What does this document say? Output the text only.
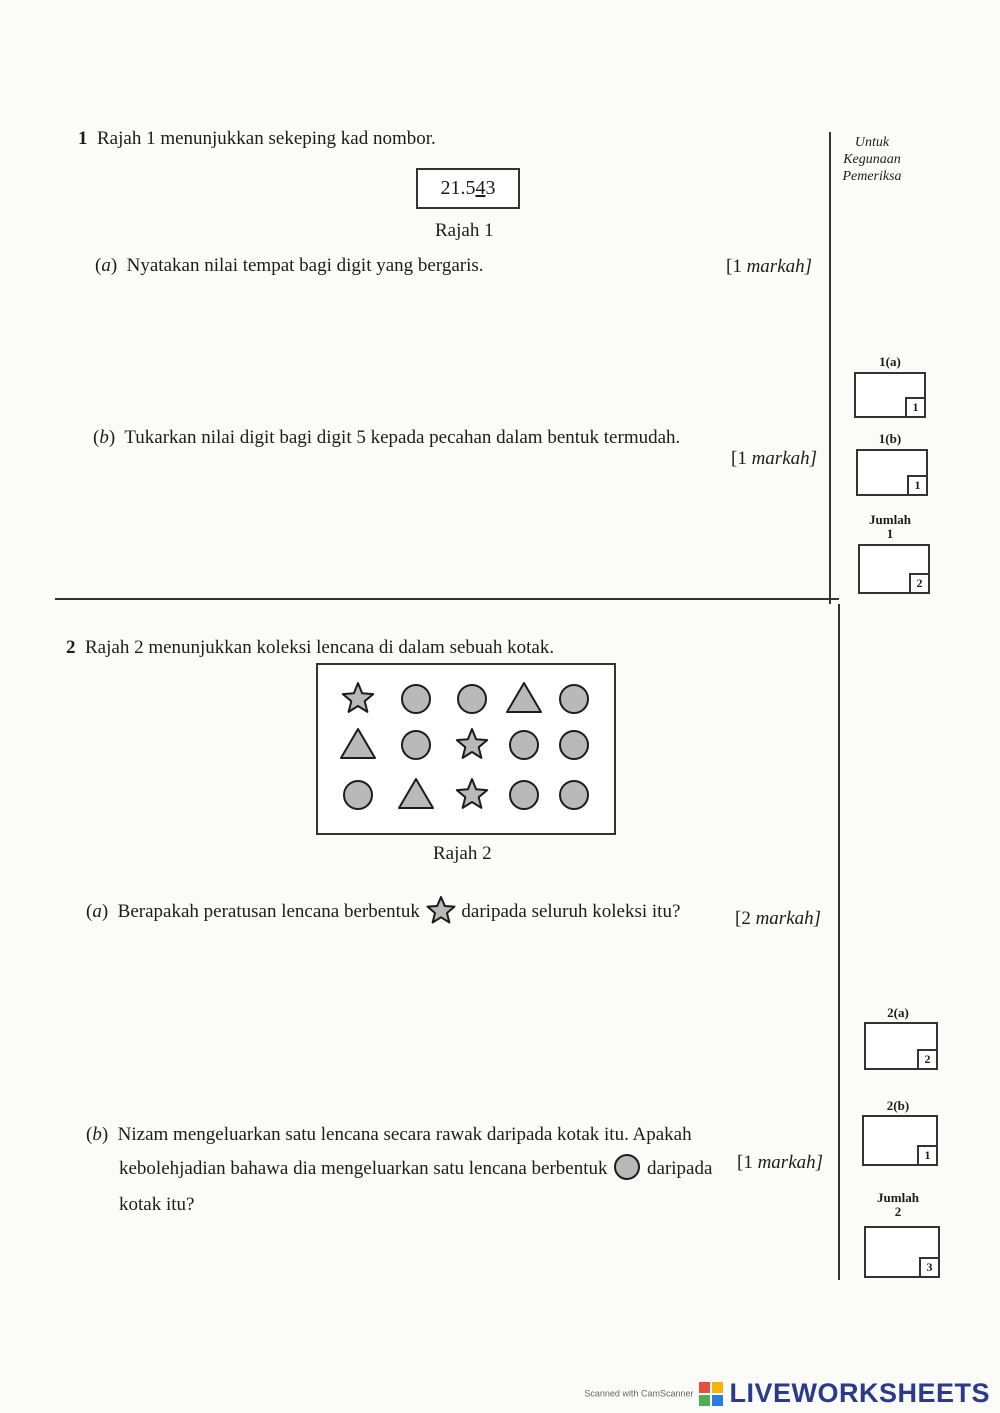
Untuk
Kegunaan
Pemeriksa
1 Rajah 1 menunjukkan sekeping kad nombor.
21.543
Rajah 1
(a) Nyatakan nilai tempat bagi digit yang bergaris.	[1 markah]
(b) Tukarkan nilai digit bagi digit 5 kepada pecahan dalam bentuk termudah.
[1 markah]
1(a)
1
1(b)
1
Jumlah
1
2
2 Rajah 2 menunjukkan koleksi lencana di dalam sebuah kotak.
Rajah 2
(a) Berapakah peratusan lencana berbentuk daripada seluruh koleksi itu?	[2 markah]
(b) Nizam mengeluarkan satu lencana secara rawak daripada kotak itu. Apakah
kebolehjadian bahawa dia mengeluarkan satu lencana berbentuk daripada [1 markah]
kotak itu?
2(a)
2
2(b)
1
Jumlah
2
3
Scanned with CamScanner LIVEWORKSHEETS
